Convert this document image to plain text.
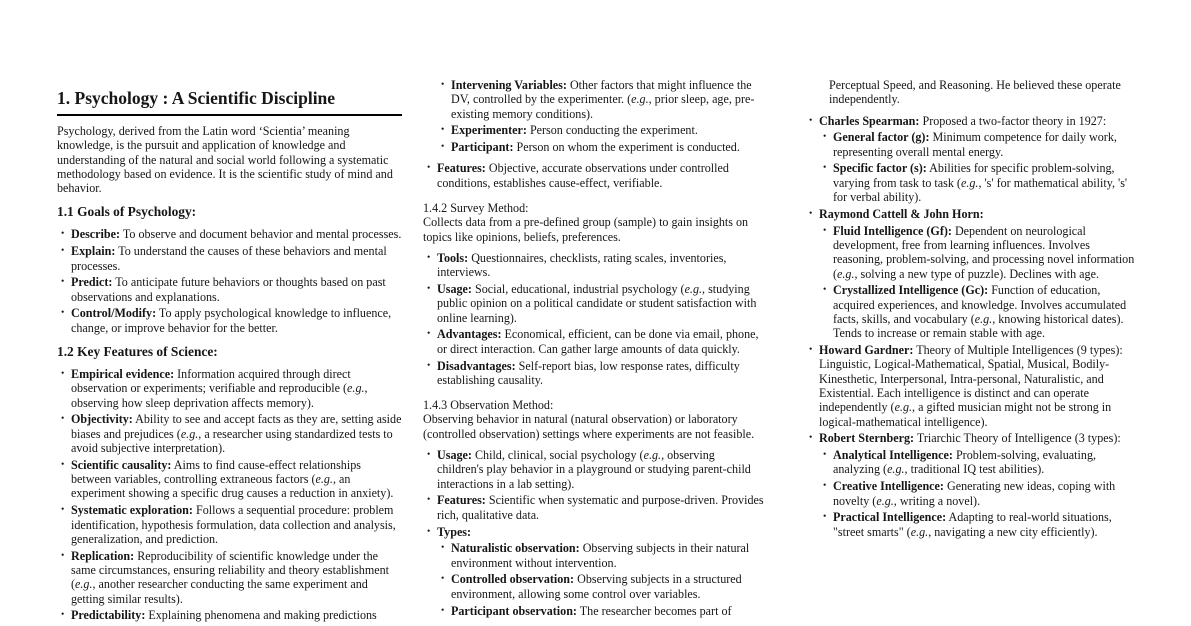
1. Psychology : A Scientific Discipline
Psychology, derived from the Latin word ‘Scientia’ meaning knowledge, is the pursuit and application of knowledge and understanding of the natural and social world following a systematic methodology based on evidence. It is the scientific study of mind and behavior.
1.1 Goals of Psychology:
• Describe: To observe and document behavior and mental processes.
• Explain: To understand the causes of these behaviors and mental processes.
• Predict: To anticipate future behaviors or thoughts based on past observations and explanations.
• Control/Modify: To apply psychological knowledge to influence, change, or improve behavior for the better.
1.2 Key Features of Science:
• Empirical evidence: Information acquired through direct observation or experiments; verifiable and reproducible (e.g., observing how sleep deprivation affects memory).
• Objectivity: Ability to see and accept facts as they are, setting aside biases and prejudices (e.g., a researcher using standardized tests to avoid subjective interpretation).
• Scientific causality: Aims to find cause-effect relationships between variables, controlling extraneous factors (e.g., an experiment showing a specific drug causes a reduction in anxiety).
• Systematic exploration: Follows a sequential procedure: problem identification, hypothesis formulation, data collection and analysis, generalization, and prediction.
• Replication: Reproducibility of scientific knowledge under the same circumstances, ensuring reliability and theory establishment (e.g., another researcher conducting the same experiment and getting similar results).
• Predictability: Explaining phenomena and making predictions
• Intervening Variables: Other factors that might influence the DV, controlled by the experimenter. (e.g., prior sleep, age, pre-existing memory conditions).
• Experimenter: Person conducting the experiment.
• Participant: Person on whom the experiment is conducted.
• Features: Objective, accurate observations under controlled conditions, establishes cause-effect, verifiable.
1.4.2 Survey Method:
Collects data from a pre-defined group (sample) to gain insights on topics like opinions, beliefs, preferences.
• Tools: Questionnaires, checklists, rating scales, inventories, interviews.
• Usage: Social, educational, industrial psychology (e.g., studying public opinion on a political candidate or student satisfaction with online learning).
• Advantages: Economical, efficient, can be done via email, phone, or direct interaction. Can gather large amounts of data quickly.
• Disadvantages: Self-report bias, low response rates, difficulty establishing causality.
1.4.3 Observation Method:
Observing behavior in natural (natural observation) or laboratory (controlled observation) settings where experiments are not feasible.
• Usage: Child, clinical, social psychology (e.g., observing children's play behavior in a playground or studying parent-child interactions in a lab setting).
• Features: Scientific when systematic and purpose-driven. Provides rich, qualitative data.
• Types:
• Naturalistic observation: Observing subjects in their natural environment without intervention.
• Controlled observation: Observing subjects in a structured environment, allowing some control over variables.
• Participant observation: The researcher becomes part of
Perceptual Speed, and Reasoning. He believed these operate independently.
• Charles Spearman: Proposed a two-factor theory in 1927:
• General factor (g): Minimum competence for daily work, representing overall mental energy.
• Specific factor (s): Abilities for specific problem-solving, varying from task to task (e.g., 's' for mathematical ability, 's' for verbal ability).
• Raymond Cattell & John Horn:
• Fluid Intelligence (Gf): Dependent on neurological development, free from learning influences. Involves reasoning, problem-solving, and processing novel information (e.g., solving a new type of puzzle). Declines with age.
• Crystallized Intelligence (Gc): Function of education, acquired experiences, and knowledge. Involves accumulated facts, skills, and vocabulary (e.g., knowing historical dates). Tends to increase or remain stable with age.
• Howard Gardner: Theory of Multiple Intelligences (9 types): Linguistic, Logical-Mathematical, Spatial, Musical, Bodily-Kinesthetic, Interpersonal, Intra-personal, Naturalistic, and Existential. Each intelligence is distinct and can operate independently (e.g., a gifted musician might not be strong in logical-mathematical intelligence).
• Robert Sternberg: Triarchic Theory of Intelligence (3 types):
• Analytical Intelligence: Problem-solving, evaluating, analyzing (e.g., traditional IQ test abilities).
• Creative Intelligence: Generating new ideas, coping with novelty (e.g., writing a novel).
• Practical Intelligence: Adapting to real-world situations, "street smarts" (e.g., navigating a new city efficiently).
